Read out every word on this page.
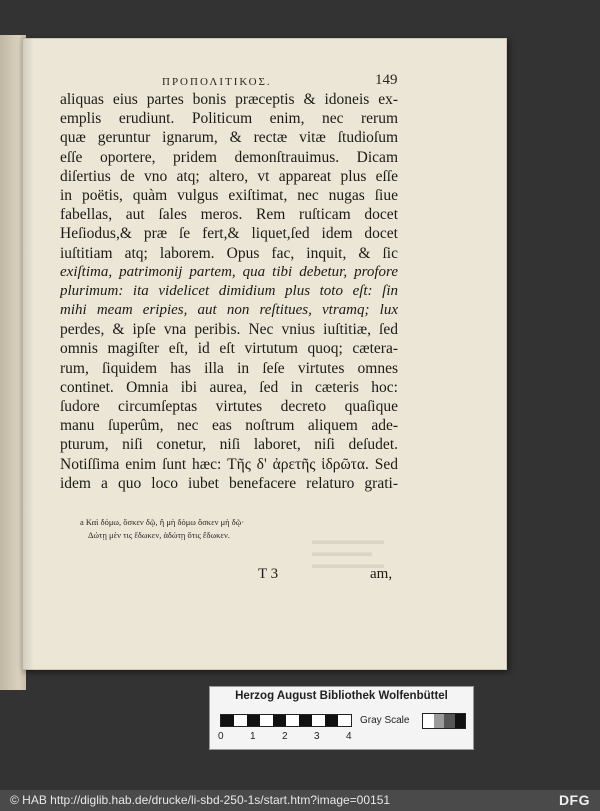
ΠΡΟΠΟΛΙΤΙΚΟΣ.	149
aliquas eius partes bonis præceptis & idoneis ex-
emplis erudiunt. Politicum enim, nec rerum
quæ geruntur ignarum, & rectæ vitæ ſtudioſum
eſſe oportere, pridem demonſtrauimus. Dicam
diſertius de vno atq; altero, vt appareat plus eſſe
in poëtis, quàm vulgus exiſtimat, nec nugas ſiue
fabellas, aut ſales meros. Rem ruſticam docet
Heſiodus,& præ ſe fert,& liquet,ſed idem docet
iuſtitiam atq; laborem. Opus fac, inquit, & ſic
exiſtima, patrimonij partem, qua tibi debetur, profore
plurimum: ita videlicet dimidium plus toto eſt: ſin
mihi meam eripies, aut non reſtitues, vtramq; lux
perdes, & ipſe vna peribis. Nec vnius iuſtitiæ, ſed
omnis magiſter eſt, id eſt virtutum quoq; cætera-
rum, ſiquidem has illa in ſeſe virtutes omnes
continet. Omnia ibi aurea, ſed in cæteris hoc:
ſudore circumſeptas virtutes decreto quaſique
manu ſuperûm, nec eas noſtrum aliquem ade-
pturum, niſi conetur, niſi laboret, niſi deſudet.
Notiſſima enim ſunt hæc: Τῆς δ' ἀρετῆς ἱδρῶτα. Sed
idem a quo loco iubet benefacere relaturo grati-
▬▬▬▬▬▬
▬▬▬▬▬
▬▬▬▬▬▬
a Καὶ δόμω, ὅσκεν δῷ, ἢ μὴ δόμω ὅσκεν μὴ δῷ·
Δώτῃ μὲν τις ἔδωκεν, ἀδώτῃ ὅτις ἔδωκεν.
T 3	am,
Herzog August Bibliothek Wolfenbüttel
0	1	2	3	4
Gray Scale
© HAB http://diglib.hab.de/drucke/li-sbd-250-1s/start.htm?image=00151	DFG
